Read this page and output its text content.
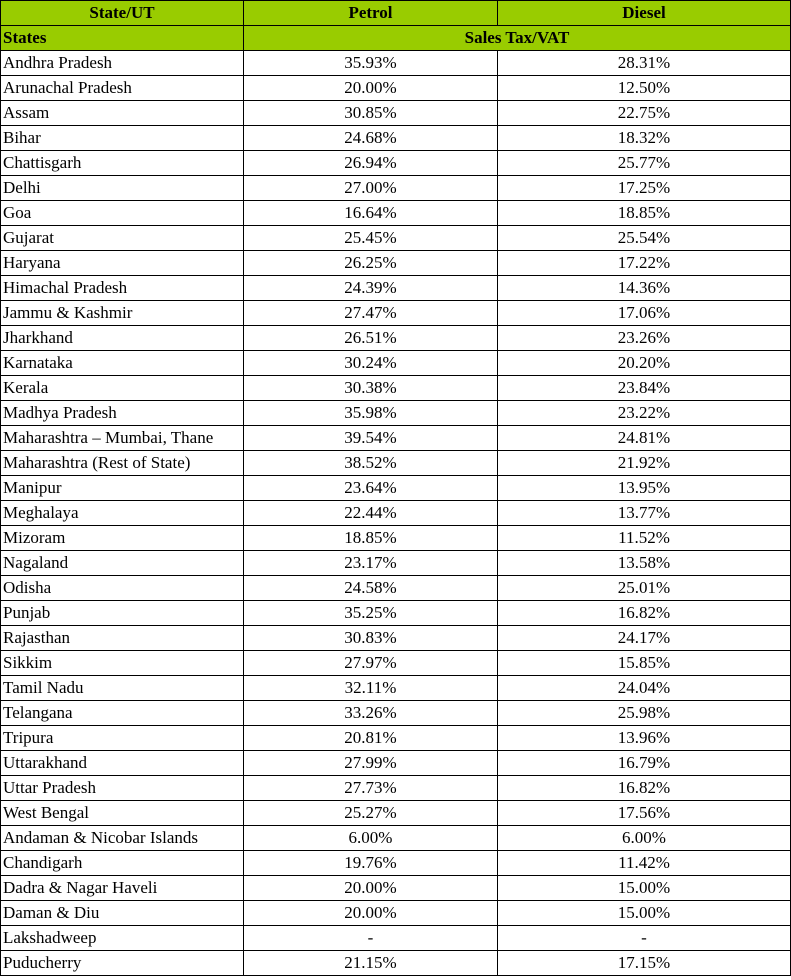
State/UT	Petrol	Diesel
States	Sales Tax/VAT	
Andhra Pradesh	35.93%	28.31%
Arunachal Pradesh	20.00%	12.50%
Assam	30.85%	22.75%
Bihar	24.68%	18.32%
Chattisgarh	26.94%	25.77%
Delhi	27.00%	17.25%
Goa	16.64%	18.85%
Gujarat	25.45%	25.54%
Haryana	26.25%	17.22%
Himachal Pradesh	24.39%	14.36%
Jammu & Kashmir	27.47%	17.06%
Jharkhand	26.51%	23.26%
Karnataka	30.24%	20.20%
Kerala	30.38%	23.84%
Madhya Pradesh	35.98%	23.22%
Maharashtra – Mumbai, Thane	39.54%	24.81%
Maharashtra (Rest of State)	38.52%	21.92%
Manipur	23.64%	13.95%
Meghalaya	22.44%	13.77%
Mizoram	18.85%	11.52%
Nagaland	23.17%	13.58%
Odisha	24.58%	25.01%
Punjab	35.25%	16.82%
Rajasthan	30.83%	24.17%
Sikkim	27.97%	15.85%
Tamil Nadu	32.11%	24.04%
Telangana	33.26%	25.98%
Tripura	20.81%	13.96%
Uttarakhand	27.99%	16.79%
Uttar Pradesh	27.73%	16.82%
West Bengal	25.27%	17.56%
Andaman & Nicobar Islands	6.00%	6.00%
Chandigarh	19.76%	11.42%
Dadra & Nagar Haveli	20.00%	15.00%
Daman & Diu	20.00%	15.00%
Lakshadweep	-	-
Puducherry	21.15%	17.15%
